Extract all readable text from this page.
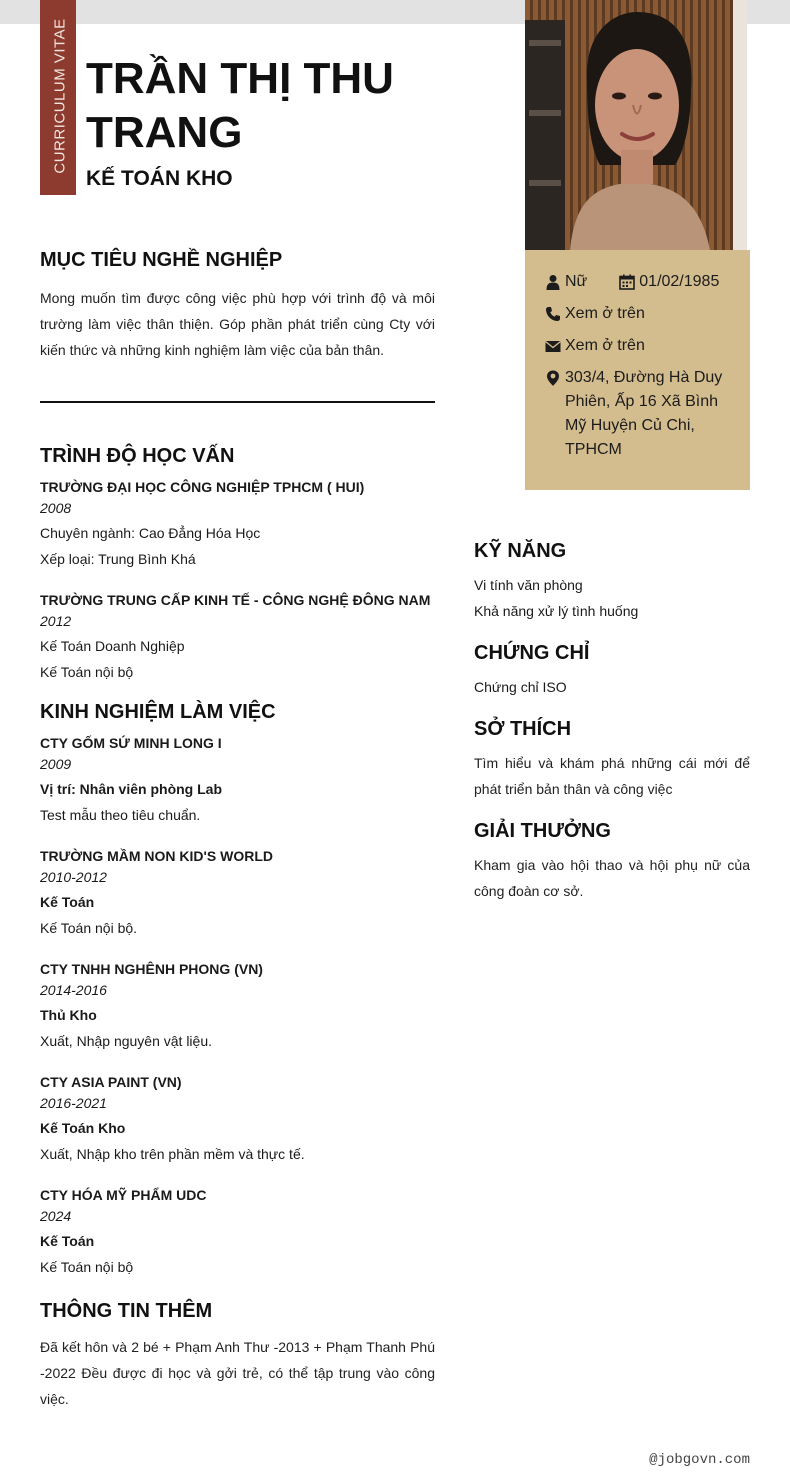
CURRICULUM VITAE TRẦN THỊ THU TRANG
KẾ TOÁN KHO
Nữ	01/02/1985
Xem ở trên
Xem ở trên
303/4, Đường Hà Duy Phiên, Ấp 16 Xã Bình Mỹ Huyện Củ Chi, TPHCM
MỤC TIÊU NGHỀ NGHIỆP

Mong muốn tìm được công việc phù hợp với trình độ và môi trường làm việc thân thiện. Góp phần phát triển cùng Cty với kiến thức và những kinh nghiệm làm việc của bản thân.

TRÌNH ĐỘ HỌC VẤN
TRƯỜNG ĐẠI HỌC CÔNG NGHIỆP TPHCM ( HUI)
2008
Chuyên ngành: Cao Đẳng Hóa Học
Xếp loại: Trung Bình Khá
TRƯỜNG TRUNG CẤP KINH TẾ - CÔNG NGHỆ ĐÔNG NAM
2012
Kế Toán Doanh Nghiệp
Kế Toán nội bộ
KINH NGHIỆM LÀM VIỆC
CTY GỐM SỨ MINH LONG I
2009
Vị trí: Nhân viên phòng Lab
Test mẫu theo tiêu chuẩn.
TRƯỜNG MẦM NON KID'S WORLD
2010-2012
Kế Toán
Kế Toán nội bộ.
CTY TNHH NGHÊNH PHONG (VN)
2014-2016
Thủ Kho
Xuất, Nhập nguyên vật liệu.
CTY ASIA PAINT (VN)
2016-2021
Kế Toán Kho
Xuất, Nhập kho trên phần mềm và thực tế.
CTY HÓA MỸ PHẨM UDC
2024
Kế Toán
Kế Toán nội bộ
THÔNG TIN THÊM

Đã kết hôn và 2 bé + Phạm Anh Thư -2013 + Phạm Thanh Phú -2022 Đều được đi học và gởi trẻ, có thể tập trung vào công việc.

KỸ NĂNG
Vi tính văn phòng
Khả năng xử lý tình huống
CHỨNG CHỈ
Chứng chỉ ISO
SỞ THÍCH

Tìm hiểu và khám phá những cái mới để phát triển bản thân và công việc

GIẢI THƯỞNG

Kham gia vào hội thao và hội phụ nữ của công đoàn cơ sở.

@jobgovn.com
